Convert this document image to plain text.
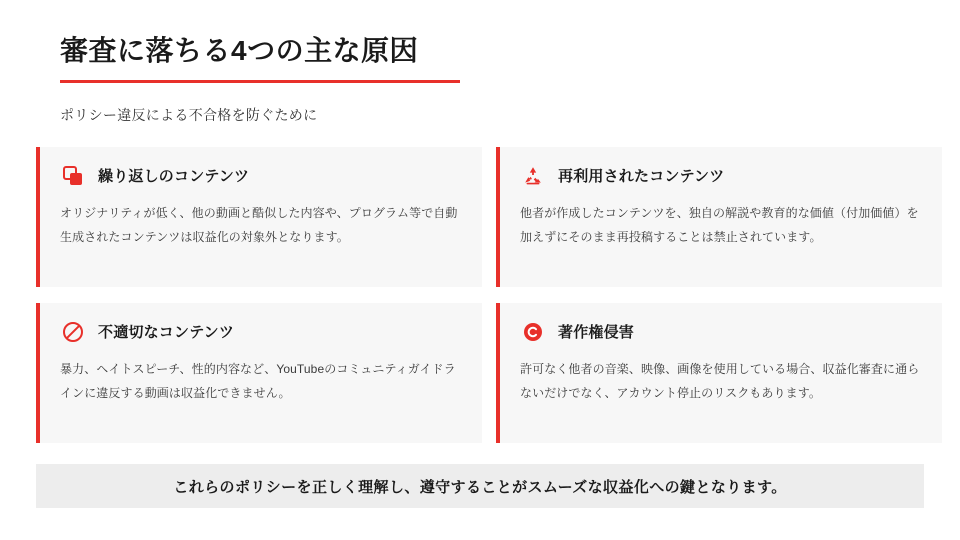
審査に落ちる4つの主な原因

ポリシー違反による不合格を防ぐために

繰り返しのコンテンツ
オリジナリティが低く、他の動画と酷似した内容や、プログラム等で自動生成されたコンテンツは収益化の対象外となります。
再利用されたコンテンツ
他者が作成したコンテンツを、独自の解説や教育的な価値（付加価値）を加えずにそのまま再投稿することは禁止されています。
不適切なコンテンツ
暴力、ヘイトスピーチ、性的内容など、YouTubeのコミュニティガイドラインに違反する動画は収益化できません。
著作権侵害
許可なく他者の音楽、映像、画像を使用している場合、収益化審査に通らないだけでなく、アカウント停止のリスクもあります。
これらのポリシーを正しく理解し、遵守することがスムーズな収益化への鍵となります。
